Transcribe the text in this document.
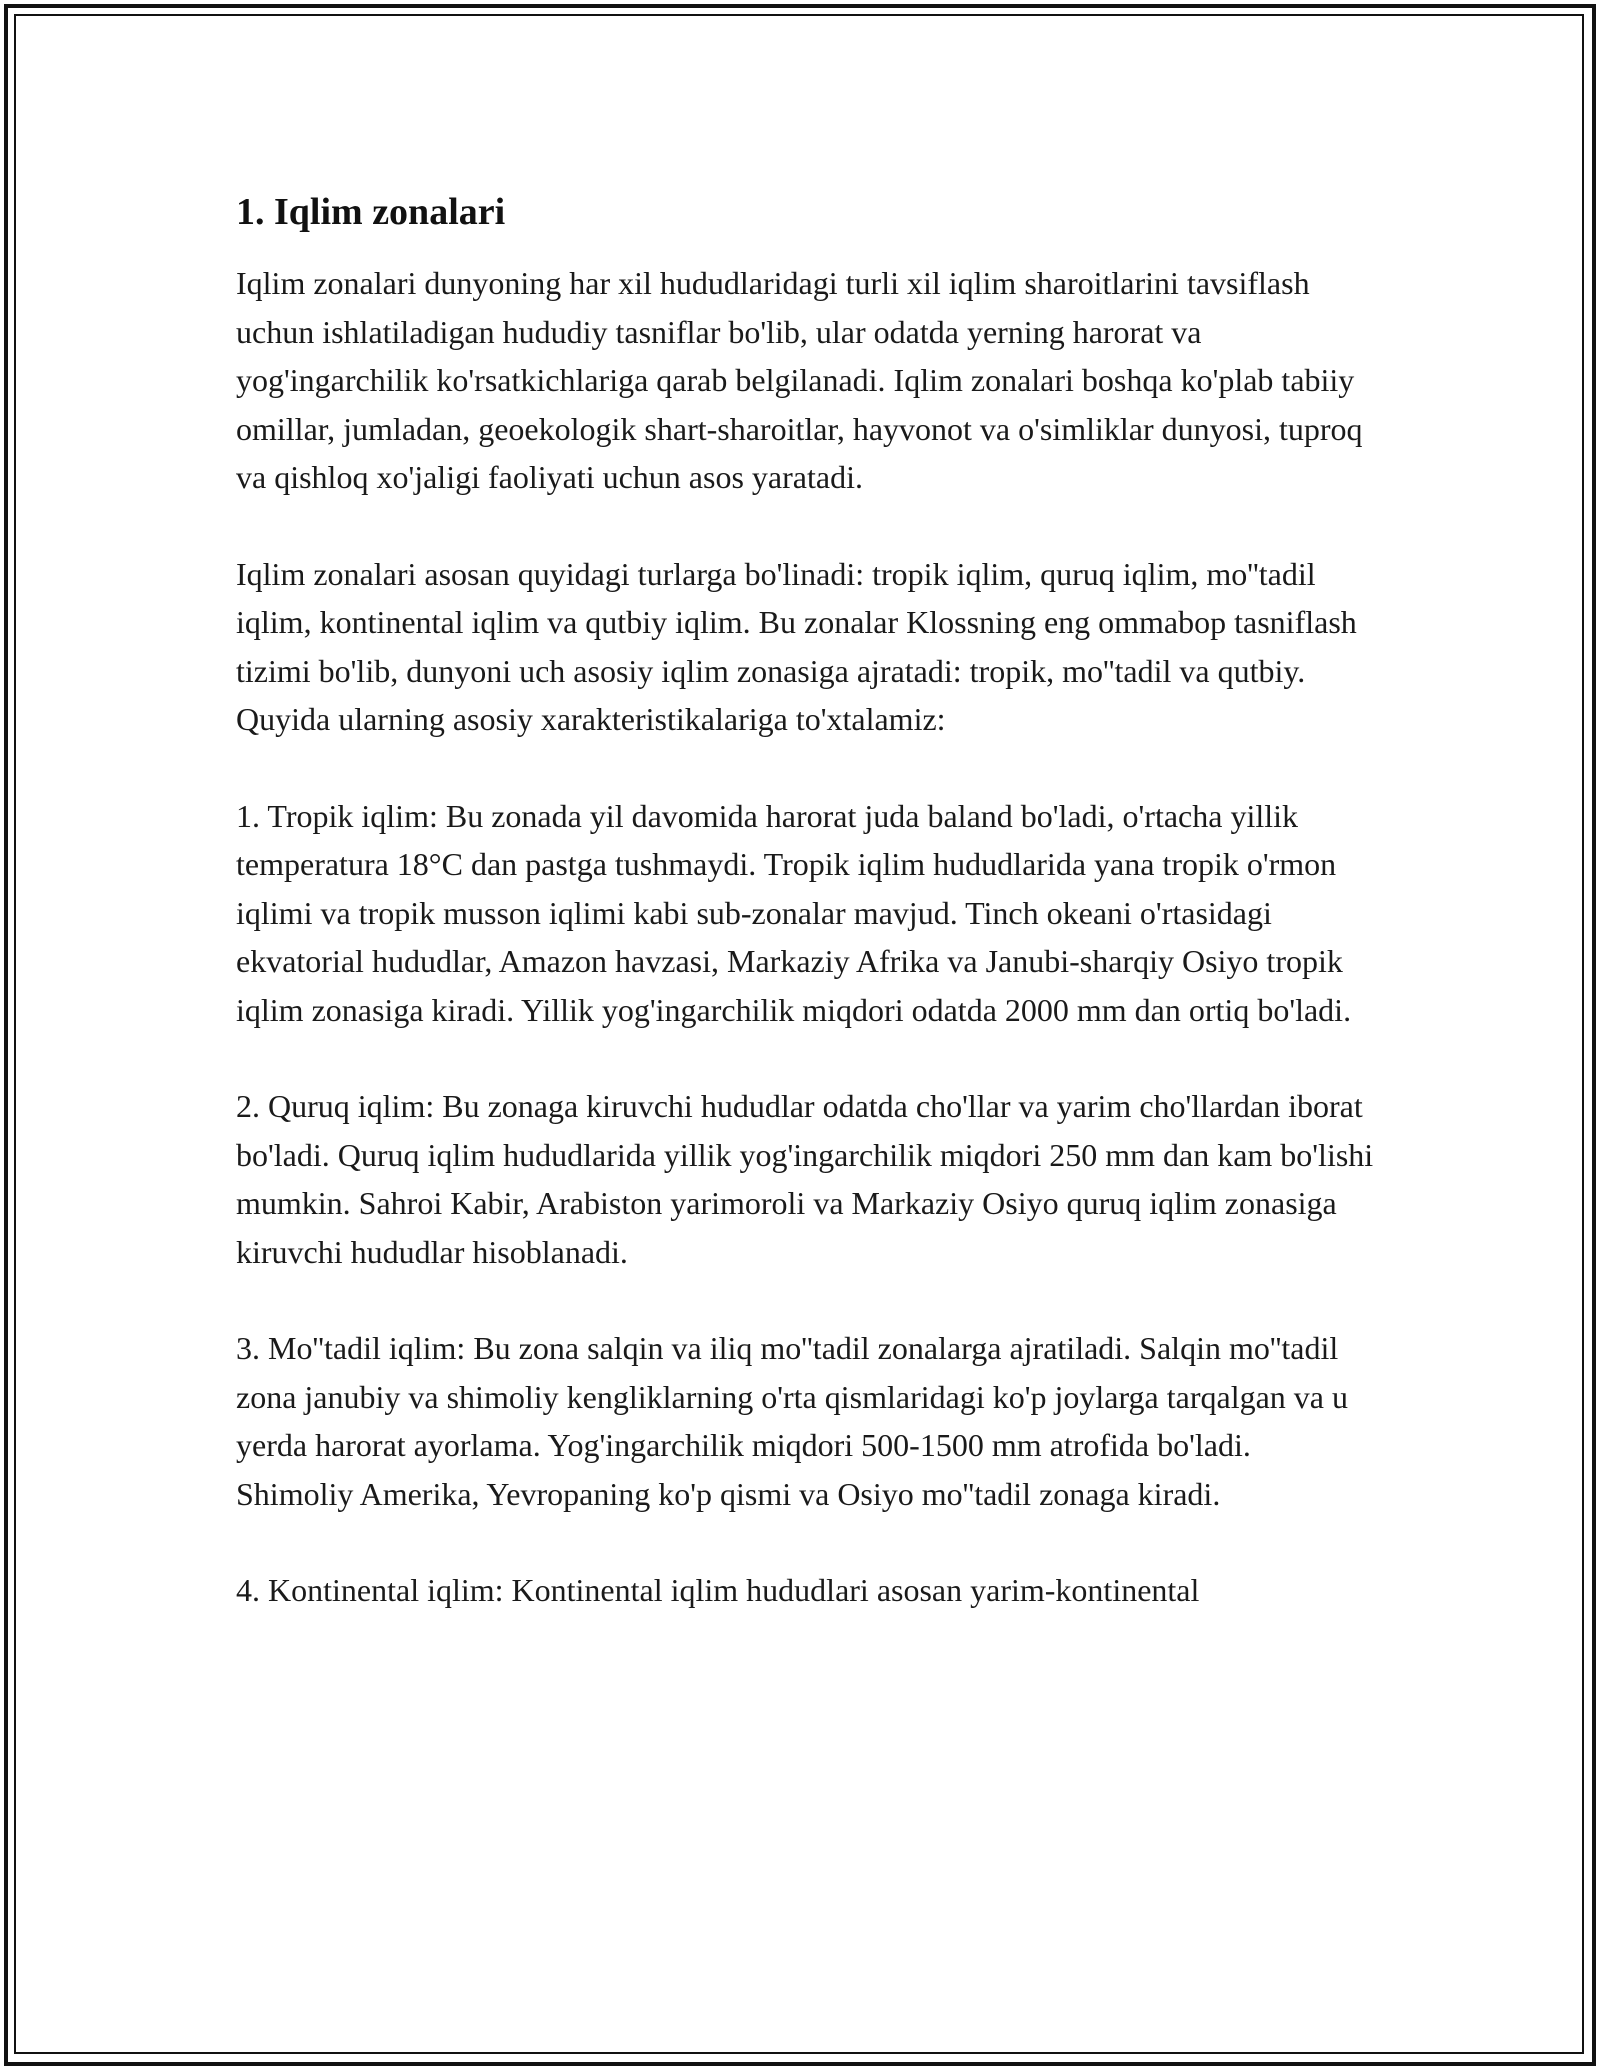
1. Iqlim zonalari

Iqlim zonalari dunyoning har xil hududlaridagi turli xil iqlim sharoitlarini tavsiflash uchun ishlatiladigan hududiy tasniflar bo'lib, ular odatda yerning harorat va yog'ingarchilik ko'rsatkichlariga qarab belgilanadi. Iqlim zonalari boshqa ko'plab tabiiy omillar, jumladan, geoekologik shart-sharoitlar, hayvonot va o'simliklar dunyosi, tuproq va qishloq xo'jaligi faoliyati uchun asos yaratadi.

Iqlim zonalari asosan quyidagi turlarga bo'linadi: tropik iqlim, quruq iqlim, mo''tadil iqlim, kontinental iqlim va qutbiy iqlim. Bu zonalar Klossning eng ommabop tasniflash tizimi bo'lib, dunyoni uch asosiy iqlim zonasiga ajratadi: tropik, mo''tadil va qutbiy. Quyida ularning asosiy xarakteristikalariga to'xtalamiz:

1. Tropik iqlim: Bu zonada yil davomida harorat juda baland bo'ladi, o'rtacha yillik temperatura 18°C dan pastga tushmaydi. Tropik iqlim hududlarida yana tropik o'rmon iqlimi va tropik musson iqlimi kabi sub-zonalar mavjud. Tinch okeani o'rtasidagi ekvatorial hududlar, Amazon havzasi, Markaziy Afrika va Janubi-sharqiy Osiyo tropik iqlim zonasiga kiradi. Yillik yog'ingarchilik miqdori odatda 2000 mm dan ortiq bo'ladi.

2. Quruq iqlim: Bu zonaga kiruvchi hududlar odatda cho'llar va yarim cho'llardan iborat bo'ladi. Quruq iqlim hududlarida yillik yog'ingarchilik miqdori 250 mm dan kam bo'lishi mumkin. Sahroi Kabir, Arabiston yarimoroli va Markaziy Osiyo quruq iqlim zonasiga kiruvchi hududlar hisoblanadi.

3. Mo''tadil iqlim: Bu zona salqin va iliq mo''tadil zonalarga ajratiladi. Salqin mo''tadil zona janubiy va shimoliy kengliklarning o'rta qismlaridagi ko'p joylarga tarqalgan va u yerda harorat ayorlama. Yog'ingarchilik miqdori 500-1500 mm atrofida bo'ladi. Shimoliy Amerika, Yevropaning ko'p qismi va Osiyo mo''tadil zonaga kiradi.

4. Kontinental iqlim: Kontinental iqlim hududlari asosan yarim-kontinental
